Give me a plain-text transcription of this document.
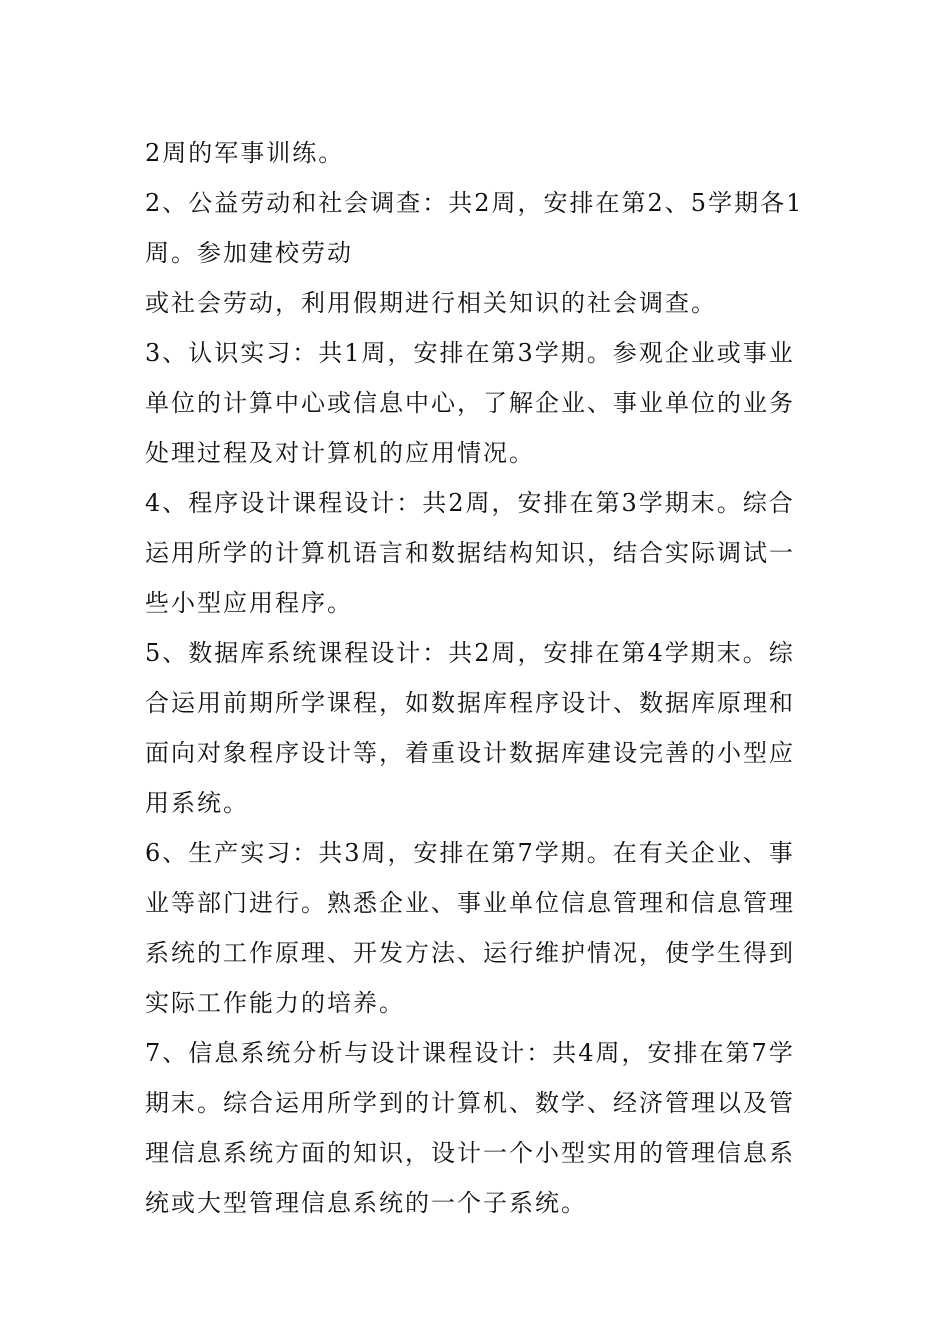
2周的军事训练。
2、公益劳动和社会调查：共2周，安排在第2、5学期各1
周。参加建校劳动
或社会劳动，利用假期进行相关知识的社会调查。
3、认识实习：共1周，安排在第3学期。参观企业或事业
单位的计算中心或信息中心，了解企业、事业单位的业务
处理过程及对计算机的应用情况。
4、程序设计课程设计：共2周，安排在第3学期末。综合
运用所学的计算机语言和数据结构知识，结合实际调试一
些小型应用程序。
5、数据库系统课程设计：共2周，安排在第4学期末。综
合运用前期所学课程，如数据库程序设计、数据库原理和
面向对象程序设计等，着重设计数据库建设完善的小型应
用系统。
6、生产实习：共3周，安排在第7学期。在有关企业、事
业等部门进行。熟悉企业、事业单位信息管理和信息管理
系统的工作原理、开发方法、运行维护情况，使学生得到
实际工作能力的培养。
7、信息系统分析与设计课程设计：共4周，安排在第7学
期末。综合运用所学到的计算机、数学、经济管理以及管
理信息系统方面的知识，设计一个小型实用的管理信息系
统或大型管理信息系统的一个子系统。
